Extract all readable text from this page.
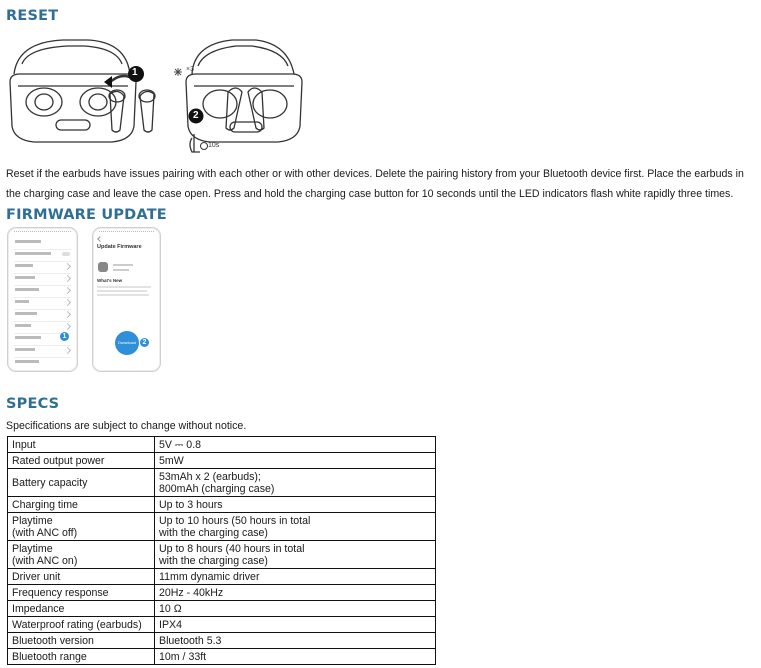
RESET
1
2
×3
10s

Reset if the earbuds have issues pairing with each other or with other devices. Delete the pairing history from your Bluetooth device first. Place the earbuds in the charging case and leave the case open. Press and hold the charging case button for 10 seconds until the LED indicators flash white rapidly three times.

FIRMWARE UPDATE
1
Update Firmware
What's New
Download 2
SPECS

Specifications are subject to change without notice.

Input	5V ⎓ 0.8
Rated output power	5mW
Battery capacity	53mAh x 2 (earbuds);
800mAh (charging case)
Charging time	Up to 3 hours
Playtime
(with ANC off)	Up to 10 hours (50 hours in total
with the charging case)
Playtime
(with ANC on)	Up to 8 hours (40 hours in total
with the charging case)
Driver unit	11mm dynamic driver
Frequency response	20Hz - 40kHz
Impedance	10 Ω
Waterproof rating (earbuds)	IPX4
Bluetooth version	Bluetooth 5.3
Bluetooth range	10m / 33ft
